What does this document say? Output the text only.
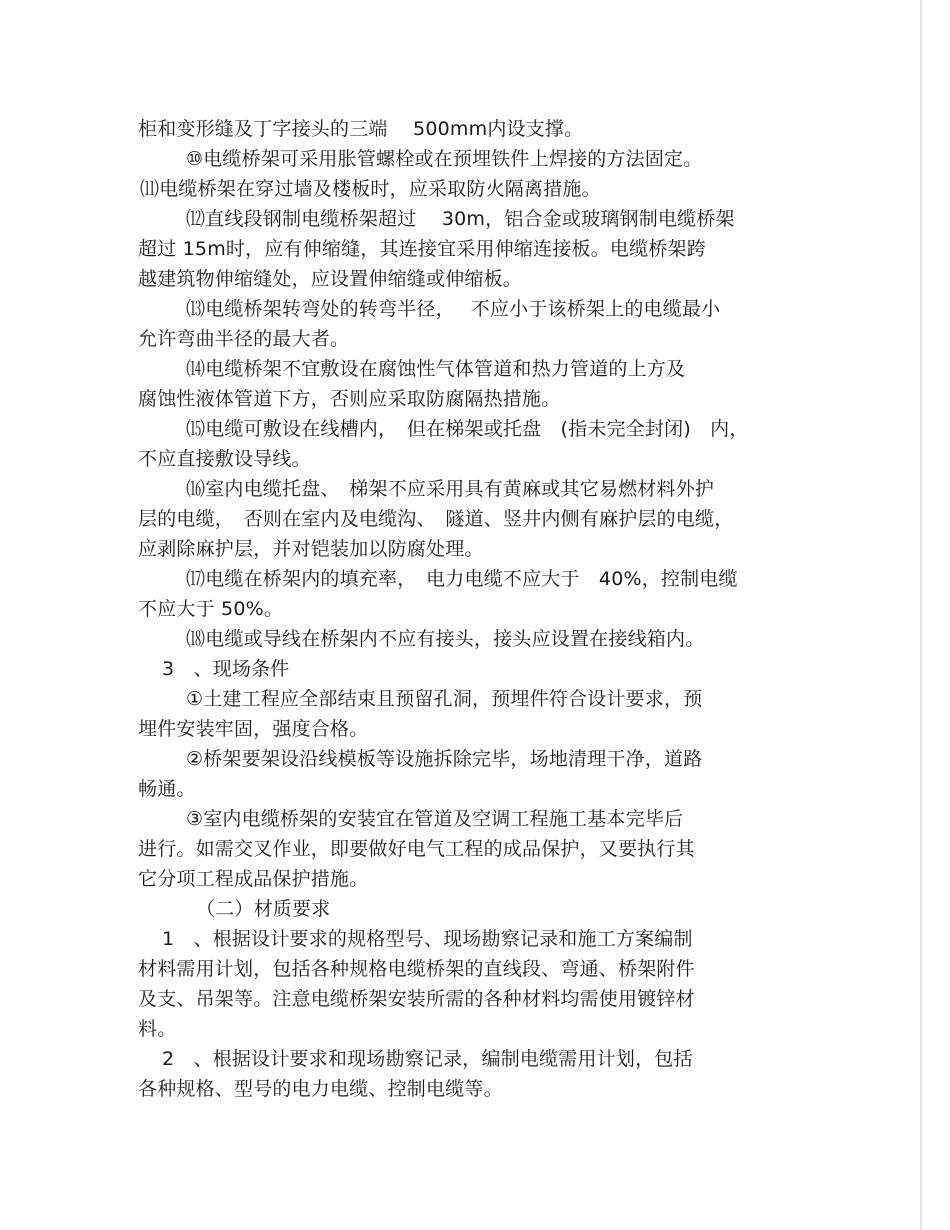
柜和变形缝及丁字接头的三端　 500mm内设支撑。
⑩电缆桥架可采用胀管螺栓或在预埋铁件上焊接的方法固定。
⑾电缆桥架在穿过墙及楼板时，应采取防火隔离措施。
⑿直线段钢制电缆桥架超过　 30m，铝合金或玻璃钢制电缆桥架
超过 15m时，应有伸缩缝，其连接宜采用伸缩连接板。电缆桥架跨
越建筑物伸缩缝处，应设置伸缩缝或伸缩板。
⒀电缆桥架转弯处的转弯半径，　 不应小于该桥架上的电缆最小
允许弯曲半径的最大者。
⒁电缆桥架不宜敷设在腐蚀性气体管道和热力管道的上方及
腐蚀性液体管道下方，否则应采取防腐隔热措施。
⒂电缆可敷设在线槽内，　但在梯架或托盘　(指未完全封闭)　内，
不应直接敷设导线。
⒃室内电缆托盘、　梯架不应采用具有黄麻或其它易燃材料外护
层的电缆，　否则在室内及电缆沟、　隧道、竖井内侧有麻护层的电缆，
应剥除麻护层，并对铠装加以防腐处理。
⒄电缆在桥架内的填充率，　电力电缆不应大于　40%，控制电缆
不应大于 50%。
⒅电缆或导线在桥架内不应有接头，接头应设置在接线箱内。
3　、现场条件
①土建工程应全部结束且预留孔洞，预埋件符合设计要求，预
埋件安装牢固，强度合格。
②桥架要架设沿线模板等设施拆除完毕，场地清理干净，道路
畅通。
③室内电缆桥架的安装宜在管道及空调工程施工基本完毕后
进行。如需交叉作业，即要做好电气工程的成品保护，又要执行其
它分项工程成品保护措施。
（二）材质要求
1　、根据设计要求的规格型号、现场勘察记录和施工方案编制
材料需用计划，包括各种规格电缆桥架的直线段、弯通、桥架附件
及支、吊架等。注意电缆桥架安装所需的各种材料均需使用镀锌材
料。
2　、根据设计要求和现场勘察记录，编制电缆需用计划，包括
各种规格、型号的电力电缆、控制电缆等。
